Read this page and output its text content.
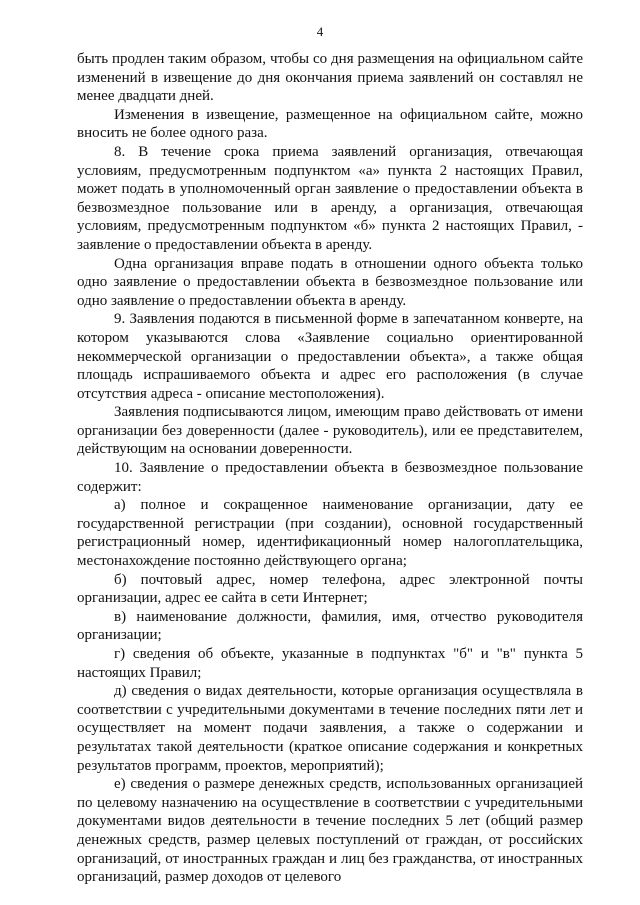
4

быть продлен таким образом, чтобы со дня размещения на официальном сайте изменений в извещение до дня окончания приема заявлений он составлял не менее двадцати дней.

Изменения в извещение, размещенное на официальном сайте, можно вносить не более одного раза.

8. В течение срока приема заявлений организация, отвечающая условиям, предусмотренным подпунктом «а» пункта 2 настоящих Правил, может подать в уполномоченный орган заявление о предоставлении объекта в безвозмездное пользование или в аренду, а организация, отвечающая условиям, предусмотренным подпунктом «б» пункта 2 настоящих Правил, - заявление о предоставлении объекта в аренду.

Одна организация вправе подать в отношении одного объекта только одно заявление о предоставлении объекта в безвозмездное пользование или одно заявление о предоставлении объекта в аренду.

9. Заявления подаются в письменной форме в запечатанном конверте, на котором указываются слова «Заявление социально ориентированной некоммерческой организации о предоставлении объекта», а также общая площадь испрашиваемого объекта и адрес его расположения (в случае отсутствия адреса - описание местоположения).

Заявления подписываются лицом, имеющим право действовать от имени организации без доверенности (далее - руководитель), или ее представителем, действующим на основании доверенности.

10. Заявление о предоставлении объекта в безвозмездное пользование содержит:

а) полное и сокращенное наименование организации, дату ее государственной регистрации (при создании), основной государственный регистрационный номер, идентификационный номер налогоплательщика, местонахождение постоянно действующего органа;

б) почтовый адрес, номер телефона, адрес электронной почты организации, адрес ее сайта в сети Интернет;

в) наименование должности, фамилия, имя, отчество руководителя организации;

г) сведения об объекте, указанные в подпунктах "б" и "в" пункта 5 настоящих Правил;

д) сведения о видах деятельности, которые организация осуществляла в соответствии с учредительными документами в течение последних пяти лет и осуществляет на момент подачи заявления, а также о содержании и результатах такой деятельности (краткое описание содержания и конкретных результатов программ, проектов, мероприятий);

е) сведения о размере денежных средств, использованных организацией по целевому назначению на осуществление в соответствии с учредительными документами видов деятельности в течение последних 5 лет (общий размер денежных средств, размер целевых поступлений от граждан, от российских организаций, от иностранных граждан и лиц без гражданства, от иностранных организаций, размер доходов от целевого
